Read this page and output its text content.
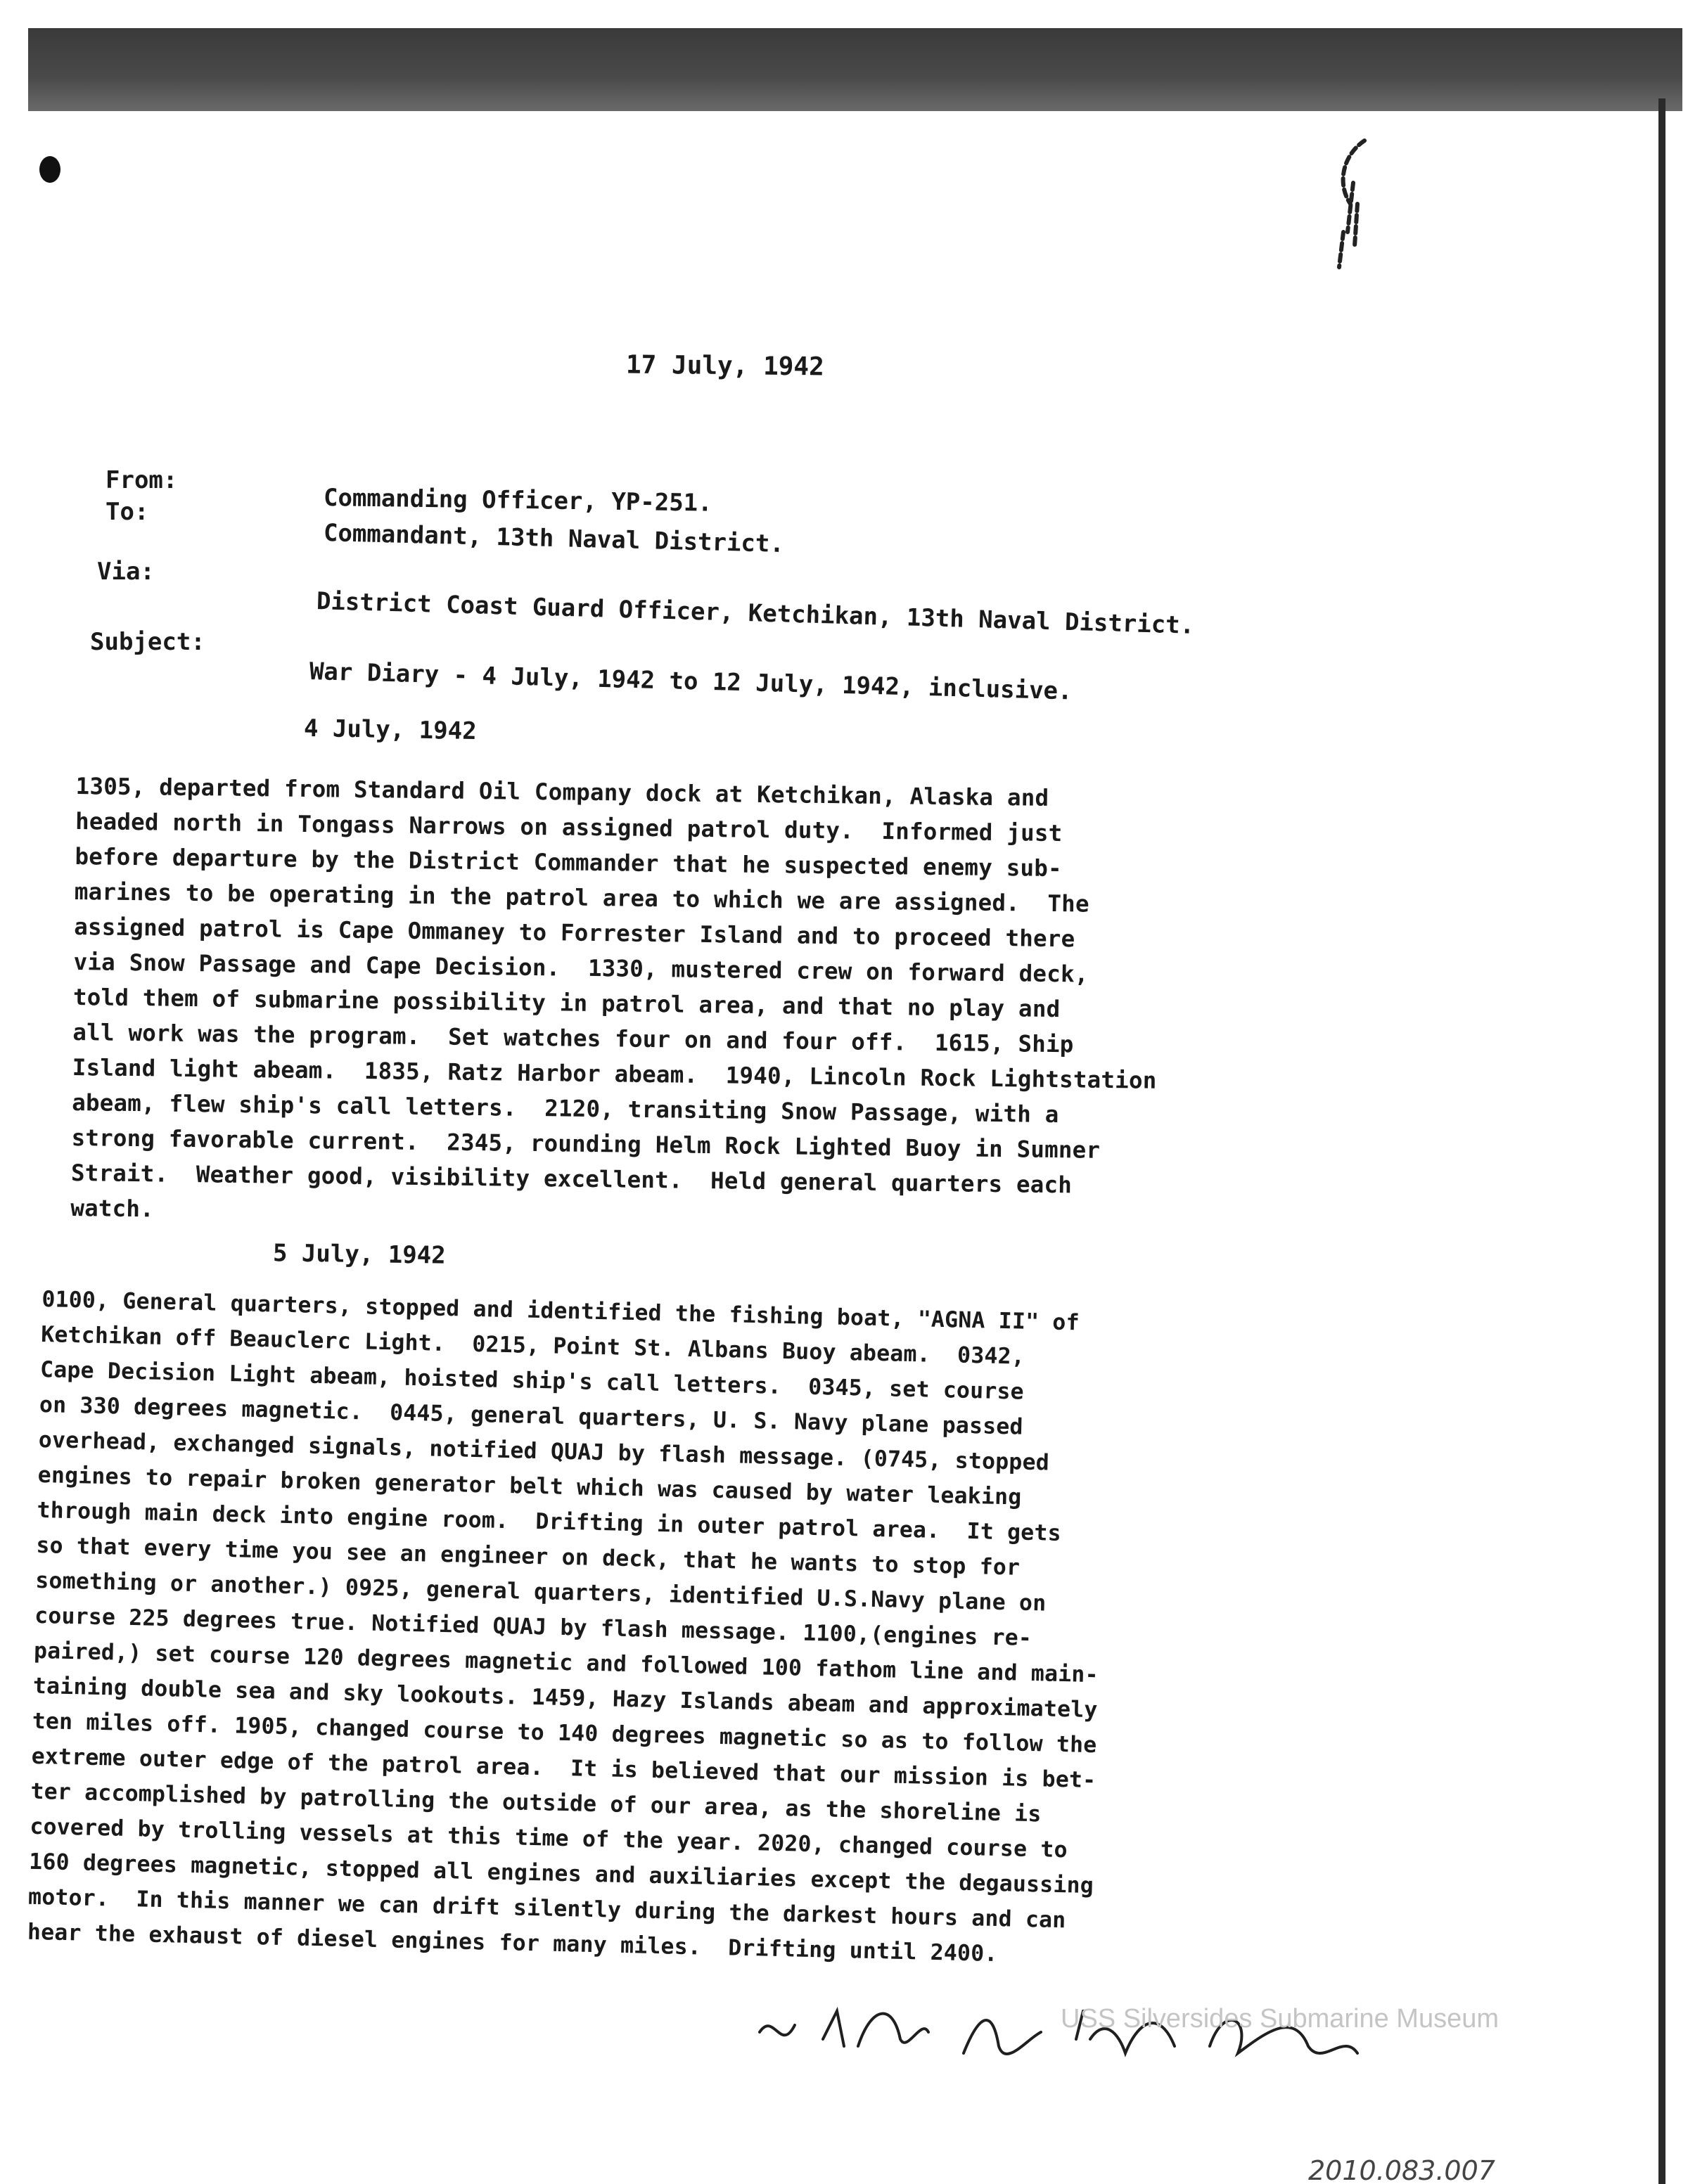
17 July, 1942
From:
To:
Via:
Subject:
Commanding Officer, YP-251.
Commandant, 13th Naval District.
District Coast Guard Officer, Ketchikan, 13th Naval District.
War Diary - 4 July, 1942 to 12 July, 1942, inclusive.
4 July, 1942
1305, departed from Standard Oil Company dock at Ketchikan, Alaska and
headed north in Tongass Narrows on assigned patrol duty.  Informed just
before departure by the District Commander that he suspected enemy sub-
marines to be operating in the patrol area to which we are assigned.  The
assigned patrol is Cape Ommaney to Forrester Island and to proceed there
via Snow Passage and Cape Decision.  1330, mustered crew on forward deck,
told them of submarine possibility in patrol area, and that no play and
all work was the program.  Set watches four on and four off.  1615, Ship
Island light abeam.  1835, Ratz Harbor abeam.  1940, Lincoln Rock Lightstation
abeam, flew ship's call letters.  2120, transiting Snow Passage, with a
strong favorable current.  2345, rounding Helm Rock Lighted Buoy in Sumner
Strait.  Weather good, visibility excellent.  Held general quarters each
watch.
5 July, 1942
0100, General quarters, stopped and identified the fishing boat, "AGNA II" of
Ketchikan off Beauclerc Light.  0215, Point St. Albans Buoy abeam.  0342,
Cape Decision Light abeam, hoisted ship's call letters.  0345, set course
on 330 degrees magnetic.  0445, general quarters, U. S. Navy plane passed
overhead, exchanged signals, notified QUAJ by flash message. (0745, stopped
engines to repair broken generator belt which was caused by water leaking
through main deck into engine room.  Drifting in outer patrol area.  It gets
so that every time you see an engineer on deck, that he wants to stop for
something or another.) 0925, general quarters, identified U.S.Navy plane on
course 225 degrees true. Notified QUAJ by flash message. 1100,(engines re-
paired,) set course 120 degrees magnetic and followed 100 fathom line and main-
taining double sea and sky lookouts. 1459, Hazy Islands abeam and approximately
ten miles off. 1905, changed course to 140 degrees magnetic so as to follow the
extreme outer edge of the patrol area.  It is believed that our mission is bet-
ter accomplished by patrolling the outside of our area, as the shoreline is
covered by trolling vessels at this time of the year. 2020, changed course to
160 degrees magnetic, stopped all engines and auxiliaries except the degaussing
motor.  In this manner we can drift silently during the darkest hours and can
hear the exhaust of diesel engines for many miles.  Drifting until 2400.
USS Silversides Submarine Museum
2010.083.007
